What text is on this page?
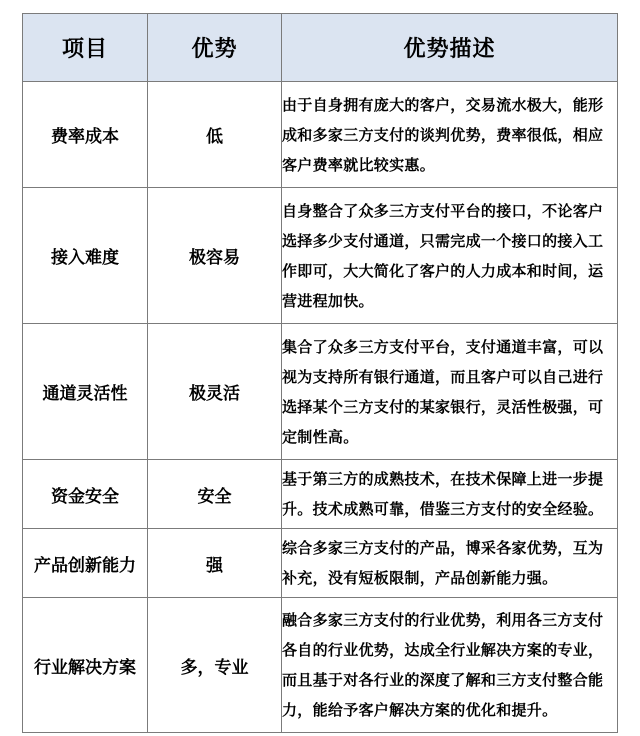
项目	优势	优势描述
费率成本	低	由于自身拥有庞大的客户，交易流水极大，能形成和多家三方支付的谈判优势，费率很低，相应客户费率就比较实惠。
接入难度	极容易	自身整合了众多三方支付平台的接口，不论客户选择多少支付通道，只需完成一个接口的接入工作即可，大大简化了客户的人力成本和时间，运营进程加快。
通道灵活性	极灵活	集合了众多三方支付平台，支付通道丰富，可以视为支持所有银行通道，而且客户可以自己进行选择某个三方支付的某家银行，灵活性极强，可定制性高。
资金安全	安全	基于第三方的成熟技术，在技术保障上进一步提升。技术成熟可靠，借鉴三方支付的安全经验。
产品创新能力	强	综合多家三方支付的产品，博采各家优势，互为补充，没有短板限制，产品创新能力强。
行业解决方案	多，专业	融合多家三方支付的行业优势，利用各三方支付各自的行业优势，达成全行业解决方案的专业，而且基于对各行业的深度了解和三方支付整合能力，能给予客户解决方案的优化和提升。
